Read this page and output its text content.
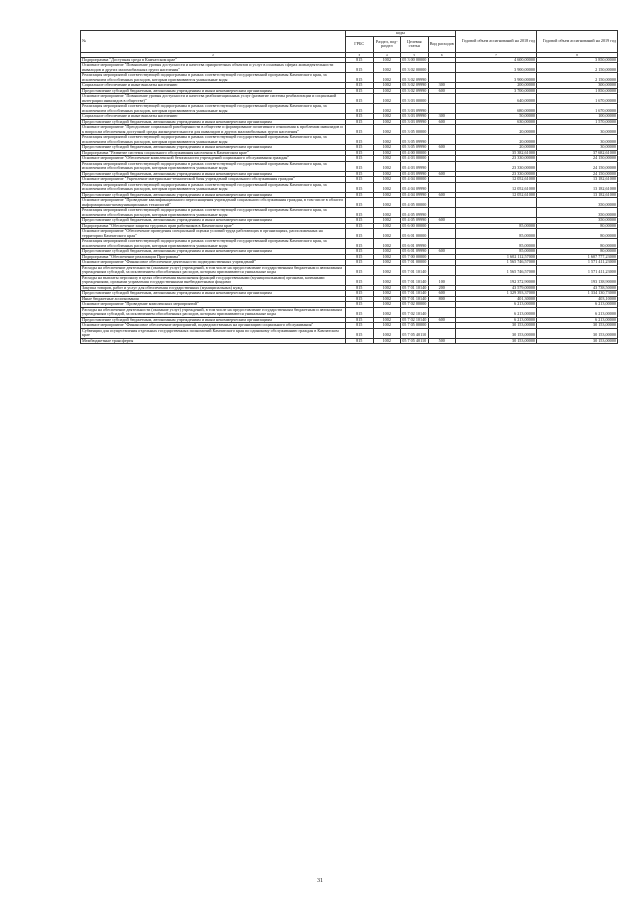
№	коды				Годовой объем ассигнований на 2018 год	Годовой объем ассигнований на 2019 год
	ГРБС	Раздел, под-раздел	Целевая статья	Вид расходов		
2	3	4	5	6	7	8
Подпрограмма "Доступная среда в Камчатском крае"	815	1002	05 3 00 00000		4 600,00000	3 850,00000
Основное мероприятие "Повышение уровня доступности и качества приоритетных объектов и услуг в основных сферах жизнедеятельности инвалидов и других маломобильных групп населения"	815	1002	05 3 02 00000		3 900,00000	2 150,00000
Реализация мероприятий соответствующей подпрограммы в рамках соответствующей государственной программы Камчатского края, за исключением обособленных расходов, которым присваиваются уникальные коды	815	1002	05 3 02 09990		3 900,00000	2 150,00000
Социальное обеспечение и иные выплаты населению	815	1002	05 3 02 09990	300	200,00000	300,00000
Предоставление субсидий бюджетным, автономным учреждениям и иным некоммерческим организациям	815	1002	05 3 02 09990	600	3 700,00000	1 850,00000
Основное мероприятие "Повышение уровня доступности и качества реабилитационных услуг (развитие системы реабилитации и социальной интеграции инвалидов в обществе)"	815	1002	05 3 03 00000		640,00000	1 670,00000
Реализация мероприятий соответствующей подпрограммы в рамках соответствующей государственной программы Камчатского края, за исключением обособленных расходов, которым присваиваются уникальные коды	815	1002	05 3 03 09990		680,00000	1 670,00000
Социальное обеспечение и иные выплаты населению	815	1002	05 3 03 09990	300	50,00000	100,00000
Предоставление субсидий бюджетным, автономным учреждениям и иным некоммерческим организациям	815	1002	05 3 03 09990	600	630,00000	1 570,00000
Основное мероприятие "Преодоление социальной разобщенности в обществе и формирование позитивного отношения к проблемам инвалидов и к вопросам обеспечения доступной среды жизнедеятельности для инвалидов и других маломобильных групп населения"	815	1002	05 3 05 00000		20,00000	30,00000
Реализация мероприятий соответствующей подпрограммы в рамках соответствующей государственной программы Камчатского края, за исключением обособленных расходов, которым присваиваются уникальные коды	815	1002	05 3 05 09990		20,00000	30,00000
Предоставление субсидий бюджетным, автономным учреждениям и иным некоммерческим организациям	815	1002	05 3 05 09990	600	20,00000	30,00000
Подпрограмма "Развитие системы социального обслуживания населения в Камчатском крае"	815	1002	05 4 00 00000		35 382,61000	37 682,61000
Основное мероприятие "Обеспечение комплексной безопасности учреждений социального обслуживания граждан"	815	1002	05 4 03 00000		23 330,00000	24 150,00000
Реализация мероприятий соответствующей подпрограммы в рамках соответствующей государственной программы Камчатского края, за исключением обособленных расходов, которым присваиваются уникальные коды	815	1002	05 4 03 09990		23 330,00000	24 150,00000
Предоставление субсидий бюджетным, автономным учреждениям и иным некоммерческим организациям	815	1002	05 4 03 09990	600	23 330,00000	24 150,00000
Основное мероприятие "Укрепление материально-технической базы учреждений социального обслуживания граждан"	815	1002	05 4 04 00000		12 052,61000	13 182,61000
Реализация мероприятий соответствующей подпрограммы в рамках соответствующей государственной программы Камчатского края, за исключением обособленных расходов, которым присваиваются уникальные коды	815	1002	05 4 04 09990		12 052,61000	13 182,61000
Предоставление субсидий бюджетным, автономным учреждениям и иным некоммерческим организациям	815	1002	05 4 04 09990	600	12 052,61000	13 182,61000
Основное мероприятие "Проведение квалификационного переоснащения учреждений социального обслуживания граждан, в том числе в области информационно-коммуникационных технологий"	815	1002	05 4 05 00000			350,00000
Реализация мероприятий соответствующей подпрограммы в рамках соответствующей государственной программы Камчатского края, за исключением обособленных расходов, которым присваиваются уникальные коды	815	1002	05 4 05 09990			350,00000
Предоставление субсидий бюджетным, автономным учреждениям и иным некоммерческим организациям	815	1002	05 4 05 09990	600		350,00000
Подпрограмма "Обеспечение защиты трудовых прав работников в Камчатском крае"	815	1002	05 6 00 00000		85,00000	80,00000
Основное мероприятие "Обеспечение проведения специальной оценки условий труда работающих в организациях, расположенных на территории Камчатского края"	815	1002	05 6 01 00000		85,00000	80,00000
Реализация мероприятий соответствующей подпрограммы в рамках соответствующей государственной программы Камчатского края, за исключением обособленных расходов, которым присваиваются уникальные коды	815	1002	05 6 01 09990		85,00000	80,00000
Предоставление субсидий бюджетным, автономным учреждениям и иным некоммерческим организациям	815	1002	05 6 01 09990	600	85,00000	80,00000
Подпрограмма "Обеспечение реализации Программы"	815	1002	05 7 00 00000		1 602 112,57000	1 607 777,23000
Основное мероприятие "Финансовое обеспечение деятельности подведомственных учреждений"	815	1002	05 7 01 00000		1 565 746,57000	1 571 411,23000
Расходы на обеспечение деятельности (оказание услуг) учреждений, в том числе на предоставление государственным бюджетным и автономным учреждениям субсидий, за исключением обособленных расходов, которым присваиваются уникальные коды	815	1002	05 7 01 10140		1 565 746,57000	1 571 411,23000
Расходы на выплаты персоналу в целях обеспечения выполнения функций государственными (муниципальными) органами, казенными учреждениями, органами управления государственными внебюджетными фондами	815	1002	05 7 01 10140	100	192 372,90000	193 138,90000
Закупка товаров, работ и услуг для обеспечения государственных (муниципальных) нужд	815	1002	05 7 01 10140	200	43 579,00000	43 738,50000
Предоставление субсидий бюджетным, автономным учреждениям и иным некоммерческим организациям	815	1002	05 7 01 10140	600	1 329 393,37000	1 334 130,73000
Иные бюджетные ассигнования	815	1002	05 7 01 10140	800	401,30000	403,10000
Основное мероприятие "Проведение комплексных мероприятий"	815	1002	05 7 02 00000		6 213,00000	6 213,00000
Расходы на обеспечение деятельности (оказание услуг) учреждений, в том числе на предоставление государственным бюджетным и автономным учреждениям субсидий, за исключением обособленных расходов, которым присваиваются уникальные коды	815	1002	05 7 02 10140		6 213,00000	6 213,00000
Предоставление субсидий бюджетным, автономным учреждениям и иным некоммерческим организациям	815	1002	05 7 02 10140	600	6 213,00000	6 213,00000
Основное мероприятие "Финансовое обеспечение мероприятий, подведомственных на организацию социального обслуживания"	815	1002	05 7 05 00000		30 153,00000	30 153,00000
Субвенции для осуществления отдельных государственных полномочий Камчатского края по одинокому обслуживанию граждан в Камчатском крае	815	1002	05 7 05 40110		30 153,00000	30 153,00000
Межбюджетные трансферты	815	1002	05 7 05 40110	500	30 153,00000	30 153,00000
31
